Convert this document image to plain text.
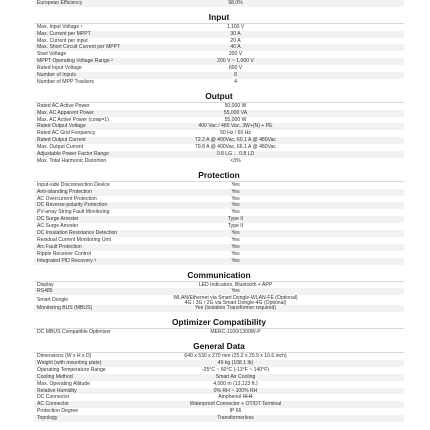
European Efficiency	98.0%
Input
Max. Input Voltage ¹	1,100 V
Max. Current per MPPT	30 A
Max. Current per input	20 A
Max. Short Circuit Current per MPPT	40 A
Start Voltage	200 V
MPPT Operating Voltage Range ²	200 V ~ 1,000 V
Rated Input Voltage	600 V
Number of Inputs	8
Number of MPP Trackers	4
Output
Rated AC Active Power	50,000 W
Max. AC Apparent Power	55,000 VA
Max. AC Active Power (cosφ=1)	55,000 W
Rated Output Voltage	400 Vac / 480 Vac, 3W+(N) + PE
Rated AC Grid Frequency	50 Hz / 60 Hz
Rated Output Current	72.2 A @ 400Vac, 60.1 A @ 480Vac
Max. Output Current	79.8 A @ 400Vac, 66.1 A @ 480Vac
Adjustable Power Factor Range	0.8 LG ... 0.8 LD
Max. Total Harmonic Distortion	<3%
Protection
Input-side Disconnection Device	Yes
Anti-islanding Protection	Yes
AC Overcurrent Protection	Yes
DC Reverse-polarity Protection	Yes
PV-array String Fault Monitoring	Yes
DC Surge Arrester	Type II
AC Surge Arrester	Type II
DC Insulation Resistance Detection	Yes
Residual Current Monitoring Unit	Yes
Arc Fault Protection	Yes
Ripple Receiver Control	Yes
Integrated PID Recovery ³	Yes
Communication
Display	LED Indicators, Bluetooth + APP
RS485	Yes
Smart Dongle	WLAN/Ethernet via Smart Dongle-WLAN-FE (Optional)
4G / 3G / 2G via Smart Dongle-4G (Optional)
Monitoring BUS (MBUS)	Yes (Isolation Transformer required)
Optimizer Compatibility
DC MBUS Compatible Optimizer	MERC-1100/1300W-P
General Data
Dimensions (W x H x D)	640 x 530 x 270 mm (25.2 x 20.9 x 10.6 inch)
Weight (with mounting plate)	49 kg (108.1 lb)
Operating Temperature Range	-25°C ~ 60°C (-13°F ~ 140°F)
Cooling Method	Smart Air Cooling
Max. Operating Altitude	4,000 m (13,123 ft.)
Relative Humidity	0% RH ~ 100% RH
DC Connector	Amphenol HH4
AC Connector	Waterproof Connector + OT/DT Terminal
Protection Degree	IP 66
Topology	Transformerless
